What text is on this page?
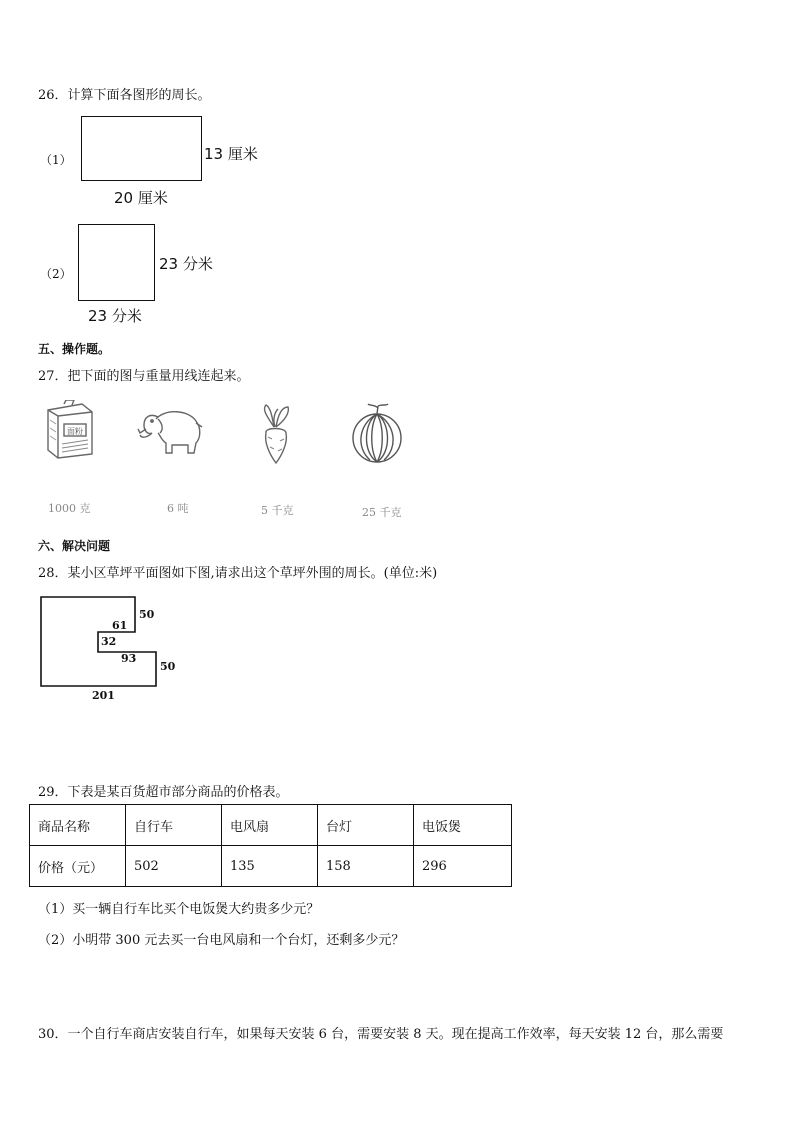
26．计算下面各图形的周长。
（1）	13 厘米
20 厘米
（2）
23 分米
23 分米
五、操作题。
27．把下面的图与重量用线连起来。
面粉
1000 克	6 吨	5 千克	25 千克
六、解决问题
28．某小区草坪平面图如下图,请求出这个草坪外围的周长。(单位:米)
50
61
32
93
50
201
29．下表是某百货超市部分商品的价格表。
商品名称	自行车	电风扇	台灯	电饭煲
价格（元）	502	135	158	296
（1）买一辆自行车比买个电饭煲大约贵多少元？
（2）小明带 300 元去买一台电风扇和一个台灯，还剩多少元？
30．一个自行车商店安装自行车，如果每天安装 6 台，需要安装 8 天。现在提高工作效率，每天安装 12 台，那么需要
